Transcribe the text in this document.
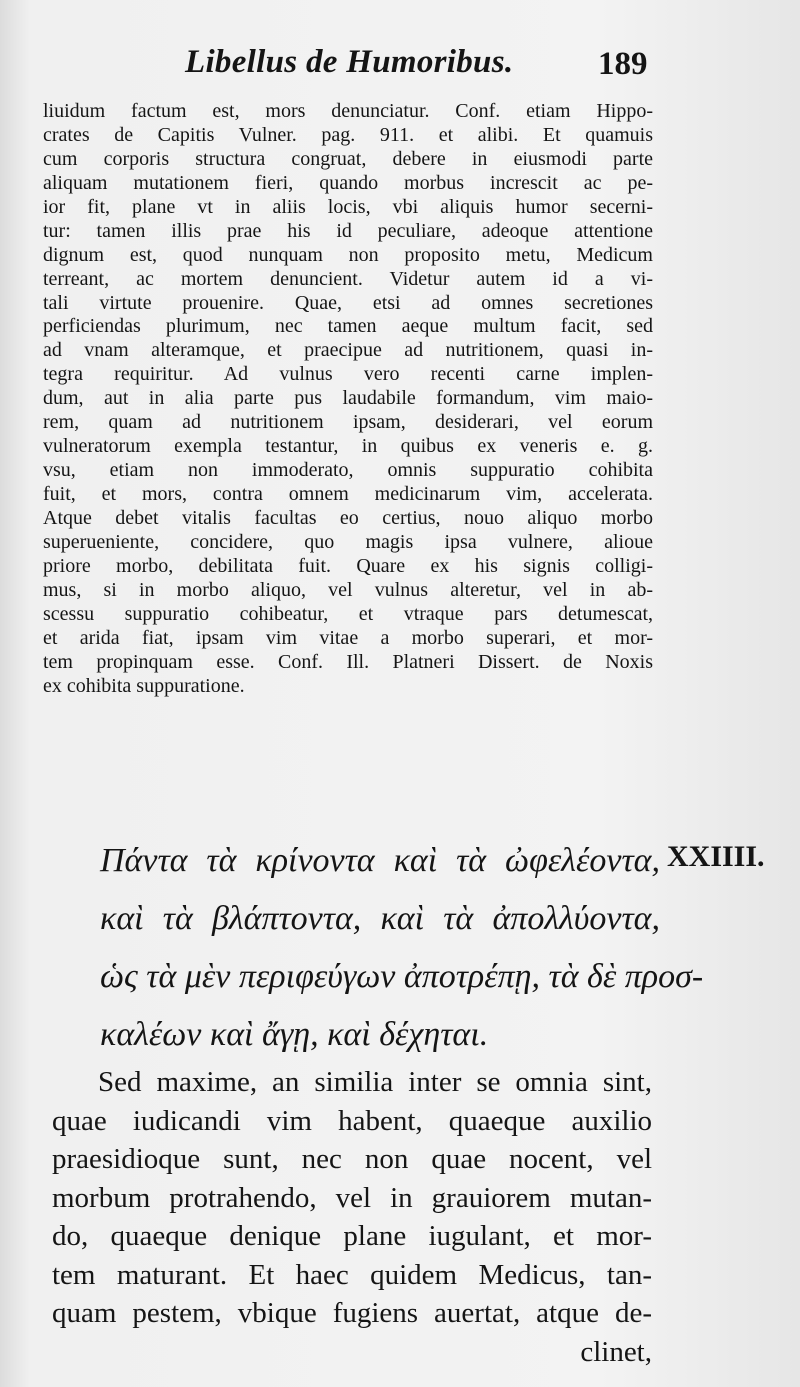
Libellus de Humoribus.	189
liuidum factum est, mors denunciatur. Conf. etiam Hippo-
crates de Capitis Vulner. pag. 911. et alibi. Et quamuis
cum corporis structura congruat, debere in eiusmodi parte
aliquam mutationem fieri, quando morbus increscit ac pe-
ior fit, plane vt in aliis locis, vbi aliquis humor secerni-
tur: tamen illis prae his id peculiare, adeoque attentione
dignum est, quod nunquam non proposito metu, Medicum
terreant, ac mortem denuncient. Videtur autem id a vi-
tali virtute prouenire. Quae, etsi ad omnes secretiones
perficiendas plurimum, nec tamen aeque multum facit, sed
ad vnam alteramque, et praecipue ad nutritionem, quasi in-
tegra requiritur. Ad vulnus vero recenti carne implen-
dum, aut in alia parte pus laudabile formandum, vim maio-
rem, quam ad nutritionem ipsam, desiderari, vel eorum
vulneratorum exempla testantur, in quibus ex veneris e. g.
vsu, etiam non immoderato, omnis suppuratio cohibita
fuit, et mors, contra omnem medicinarum vim, accelerata.
Atque debet vitalis facultas eo certius, nouo aliquo morbo
superueniente, concidere, quo magis ipsa vulnere, alioue
priore morbo, debilitata fuit. Quare ex his signis colligi-
mus, si in morbo aliquo, vel vulnus alteretur, vel in ab-
scessu suppuratio cohibeatur, et vtraque pars detumescat,
et arida fiat, ipsam vim vitae a morbo superari, et mor-
tem propinquam esse. Conf. Ill. Platneri Dissert. de Noxis
ex cohibita suppuratione.
Πάντα τὰ κρίνοντα καὶ τὰ ὠφελέοντα,
καὶ τὰ βλάπτοντα, καὶ τὰ ἀπολλύοντα,
ὡς τὰ μὲν περιφεύγων ἀποτρέπῃ, τὰ δὲ προσ-
καλέων καὶ ἄγῃ, καὶ δέχηται.
XXIIII.
Sed maxime, an similia inter se omnia sint,
quae iudicandi vim habent, quaeque auxilio
praesidioque sunt, nec non quae nocent, vel
morbum protrahendo, vel in grauiorem mutan-
do, quaeque denique plane iugulant, et mor-
tem maturant. Et haec quidem Medicus, tan-
quam pestem, vbique fugiens auertat, atque de-
clinet,
